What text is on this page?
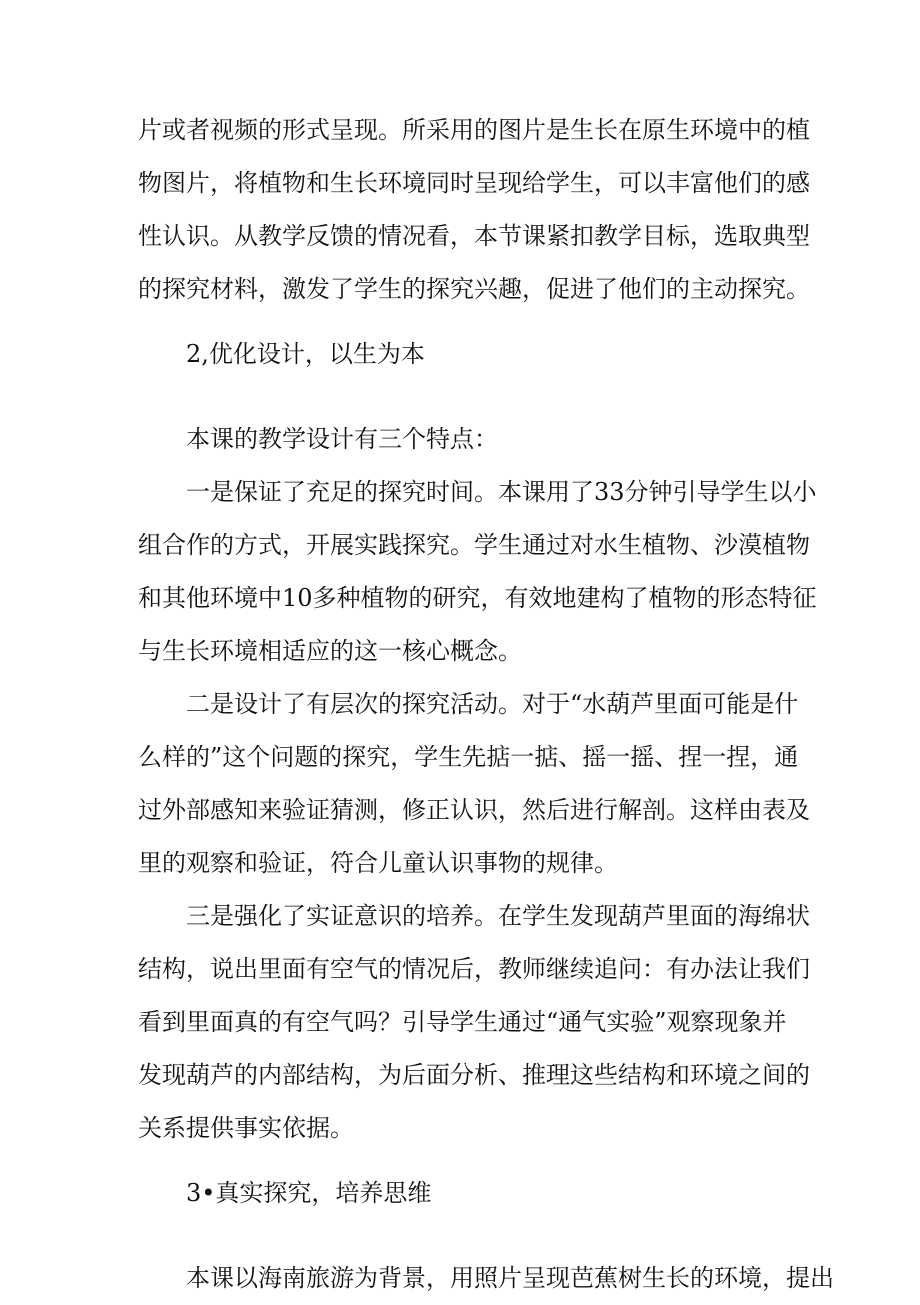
片或者视频的形式呈现。所采用的图片是生长在原生环境中的植
物图片，将植物和生长环境同时呈现给学生，可以丰富他们的感
性认识。从教学反馈的情况看，本节课紧扣教学目标，选取典型
的探究材料，激发了学生的探究兴趣，促进了他们的主动探究。

2,优化设计，以生为本

本课的教学设计有三个特点：

一是保证了充足的探究时间。本课用了33分钟引导学生以小
组合作的方式，开展实践探究。学生通过对水生植物、沙漠植物
和其他环境中10多种植物的研究，有效地建构了植物的形态特征
与生长环境相适应的这一核心概念。

二是设计了有层次的探究活动。对于“水葫芦里面可能是什
么样的”这个问题的探究，学生先掂一掂、摇一摇、捏一捏，通
过外部感知来验证猜测，修正认识，然后进行解剖。这样由表及
里的观察和验证，符合儿童认识事物的规律。

三是强化了实证意识的培养。在学生发现葫芦里面的海绵状
结构，说出里面有空气的情况后，教师继续追问：有办法让我们
看到里面真的有空气吗？引导学生通过“通气实验”观察现象并
发现葫芦的内部结构，为后面分析、推理这些结构和环境之间的
关系提供事实依据。

3•真实探究，培养思维

本课以海南旅游为背景，用照片呈现芭蕉树生长的环境，提出
